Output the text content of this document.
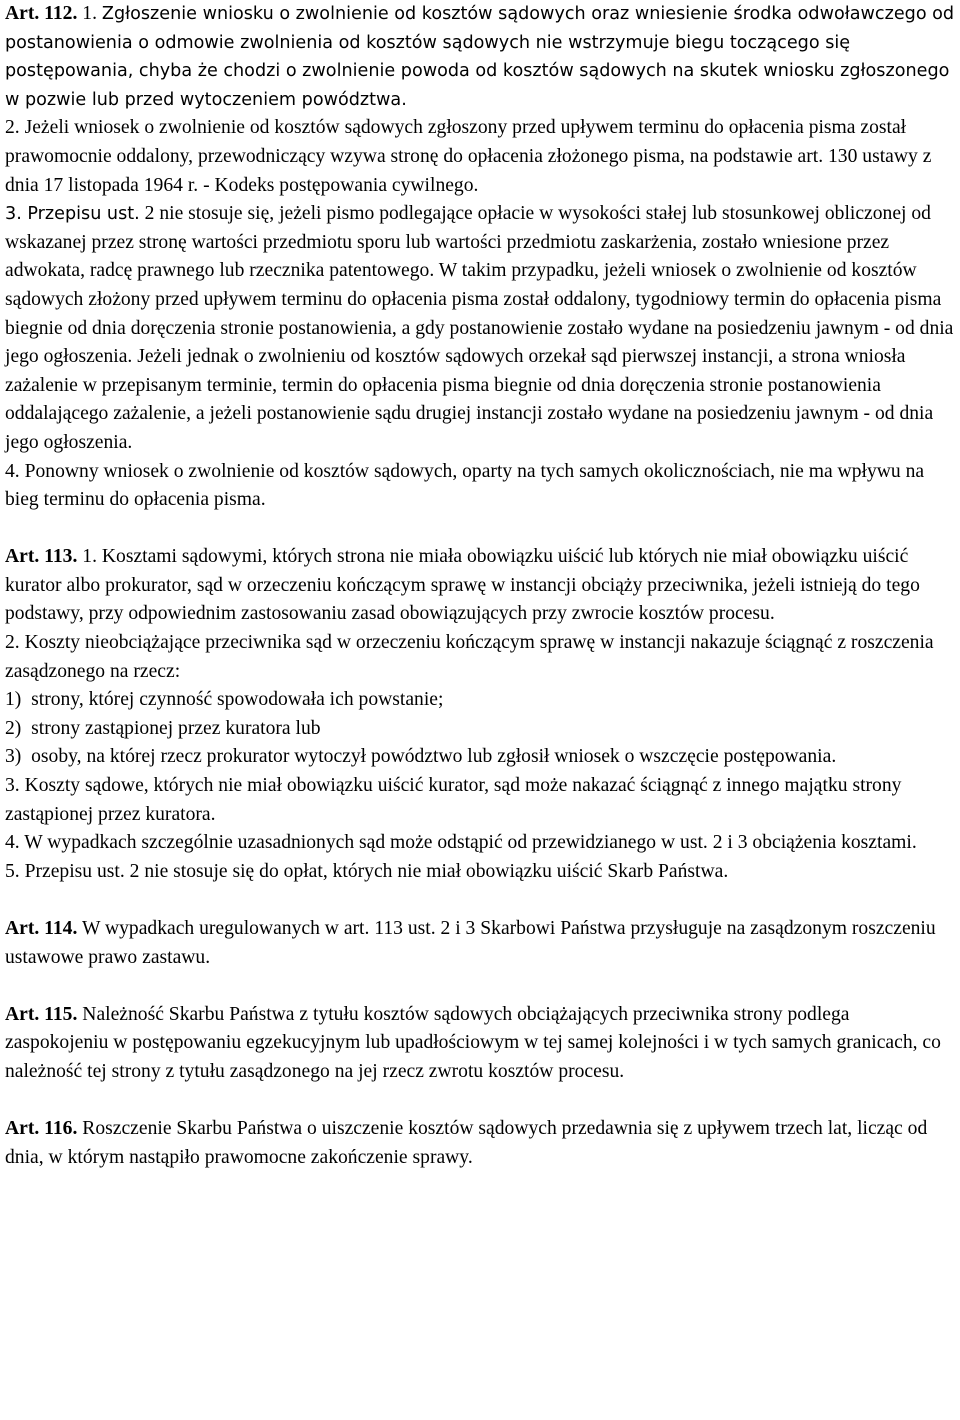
Art. 112. 1. Zgłoszenie wniosku o zwolnienie od kosztów sądowych oraz wniesienie środka odwoławczego od postanowienia o odmowie zwolnienia od kosztów sądowych nie wstrzymuje biegu toczącego się postępowania, chyba że chodzi o zwolnienie powoda od kosztów sądowych na skutek wniosku zgłoszonego w pozwie lub przed wytoczeniem powództwa.

2. Jeżeli wniosek o zwolnienie od kosztów sądowych zgłoszony przed upływem terminu do opłacenia pisma został prawomocnie oddalony, przewodniczący wzywa stronę do opłacenia złożonego pisma, na podstawie art. 130 ustawy z dnia 17 listopada 1964 r. - Kodeks postępowania cywilnego.

3. Przepisu ust. 2 nie stosuje się, jeżeli pismo podlegające opłacie w wysokości stałej lub stosunkowej obliczonej od wskazanej przez stronę wartości przedmiotu sporu lub wartości przedmiotu zaskarżenia, zostało wniesione przez adwokata, radcę prawnego lub rzecznika patentowego. W takim przypadku, jeżeli wniosek o zwolnienie od kosztów sądowych złożony przed upływem terminu do opłacenia pisma został oddalony, tygodniowy termin do opłacenia pisma biegnie od dnia doręczenia stronie postanowienia, a gdy postanowienie zostało wydane na posiedzeniu jawnym - od dnia jego ogłoszenia. Jeżeli jednak o zwolnieniu od kosztów sądowych orzekał sąd pierwszej instancji, a strona wniosła zażalenie w przepisanym terminie, termin do opłacenia pisma biegnie od dnia doręczenia stronie postanowienia oddalającego zażalenie, a jeżeli postanowienie sądu drugiej instancji zostało wydane na posiedzeniu jawnym - od dnia jego ogłoszenia.

4. Ponowny wniosek o zwolnienie od kosztów sądowych, oparty na tych samych okolicznościach, nie ma wpływu na bieg terminu do opłacenia pisma.

Art. 113. 1. Kosztami sądowymi, których strona nie miała obowiązku uiścić lub których nie miał obowiązku uiścić kurator albo prokurator, sąd w orzeczeniu kończącym sprawę w instancji obciąży przeciwnika, jeżeli istnieją do tego podstawy, przy odpowiednim zastosowaniu zasad obowiązujących przy zwrocie kosztów procesu.

2. Koszty nieobciążające przeciwnika sąd w orzeczeniu kończącym sprawę w instancji nakazuje ściągnąć z roszczenia zasądzonego na rzecz:

1) strony, której czynność spowodowała ich powstanie;

2) strony zastąpionej przez kuratora lub

3) osoby, na której rzecz prokurator wytoczył powództwo lub zgłosił wniosek o wszczęcie postępowania.

3. Koszty sądowe, których nie miał obowiązku uiścić kurator, sąd może nakazać ściągnąć z innego majątku strony zastąpionej przez kuratora.

4. W wypadkach szczególnie uzasadnionych sąd może odstąpić od przewidzianego w ust. 2 i 3 obciążenia kosztami.

5. Przepisu ust. 2 nie stosuje się do opłat, których nie miał obowiązku uiścić Skarb Państwa.

Art. 114. W wypadkach uregulowanych w art. 113 ust. 2 i 3 Skarbowi Państwa przysługuje na zasądzonym roszczeniu ustawowe prawo zastawu.

Art. 115. Należność Skarbu Państwa z tytułu kosztów sądowych obciążających przeciwnika strony podlega zaspokojeniu w postępowaniu egzekucyjnym lub upadłościowym w tej samej kolejności i w tych samych granicach, co należność tej strony z tytułu zasądzonego na jej rzecz zwrotu kosztów procesu.

Art. 116. Roszczenie Skarbu Państwa o uiszczenie kosztów sądowych przedawnia się z upływem trzech lat, licząc od dnia, w którym nastąpiło prawomocne zakończenie sprawy.
